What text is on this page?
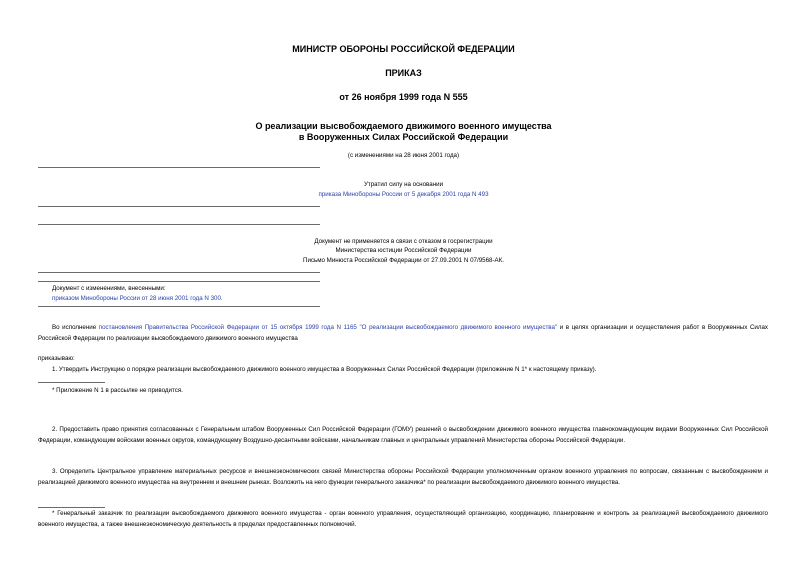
МИНИСТР ОБОРОНЫ РОССИЙСКОЙ ФЕДЕРАЦИИ
ПРИКАЗ
от 26 ноября 1999 года N 555
О реализации высвобождаемого движимого военного имущества
в Вооруженных Силах Российской Федерации
(с изменениями на 28 июня 2001 года)
Утратил силу на основании
приказа Минобороны России от 5 декабря 2001 года N 493
Документ не применяется в связи с отказом в госрегистрации
Министерства юстиции Российской Федерации
Письмо Минюста Российской Федерации от 27.09.2001 N 07/9568-АК.
Документ с изменениями, внесенными:
приказом Минобороны России от 28 июня 2001 года N 300.
Во исполнение постановления Правительства Российской Федерации от 15 октября 1999 года N 1165 "О реализации высвобождаемого движимого военного имущества" и в целях организации и осуществления работ в Вооруженных Силах Российской Федерации по реализации высвобождаемого движимого военного имущества
приказываю:
1. Утвердить Инструкцию о порядке реализации высвобождаемого движимого военного имущества в Вооруженных Силах Российской Федерации (приложение N 1* к настоящему приказу).
* Приложение N 1 в рассылке не приводится.
2. Предоставить право принятия согласованных с Генеральным штабом Вооруженных Сил Российской Федерации (ГОМУ) решений о высвобождении движимого военного имущества главнокомандующим видами Вооруженных Сил Российской Федерации, командующим войсками военных округов, командующему Воздушно-десантными войсками, начальникам главных и центральных управлений Министерства обороны Российской Федерации.
3. Определить Центральное управление материальных ресурсов и внешнеэкономических связей Министерства обороны Российской Федерации уполномоченным органом военного управления по вопросам, связанным с высвобождением и реализацией движимого военного имущества на внутреннем и внешнем рынках. Возложить на него функции генерального заказчика* по реализации высвобождаемого движимого военного имущества.
* Генеральный заказчик по реализации высвобождаемого движимого военного имущества - орган военного управления, осуществляющий организацию, координацию, планирование и контроль за реализацией высвобождаемого движимого военного имущества, а также внешнеэкономическую деятельность в пределах предоставленных полномочий.
